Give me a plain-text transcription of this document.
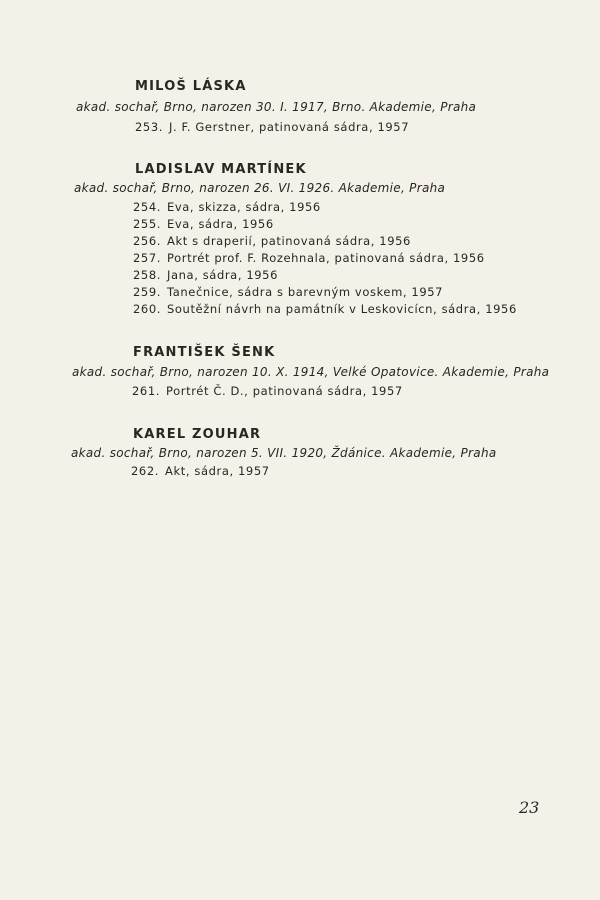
MILOŠ LÁSKA
akad. sochař, Brno, narozen 30. I. 1917, Brno. Akademie, Praha
253. J. F. Gerstner, patinovaná sádra, 1957
LADISLAV MARTÍNEK
akad. sochař, Brno, narozen 26. VI. 1926. Akademie, Praha
254. Eva, skizza, sádra, 1956
255. Eva, sádra, 1956
256. Akt s draperií, patinovaná sádra, 1956
257. Portrét prof. F. Rozehnala, patinovaná sádra, 1956
258. Jana, sádra, 1956
259. Tanečnice, sádra s barevným voskem, 1957
260. Soutěžní návrh na památník v Leskovicícn, sádra, 1956
FRANTIŠEK ŠENK
akad. sochař, Brno, narozen 10. X. 1914, Velké Opatovice. Akademie, Praha
261. Portrét Č. D., patinovaná sádra, 1957
KAREL ZOUHAR
akad. sochař, Brno, narozen 5. VII. 1920, Ždánice. Akademie, Praha
262. Akt, sádra, 1957
23
